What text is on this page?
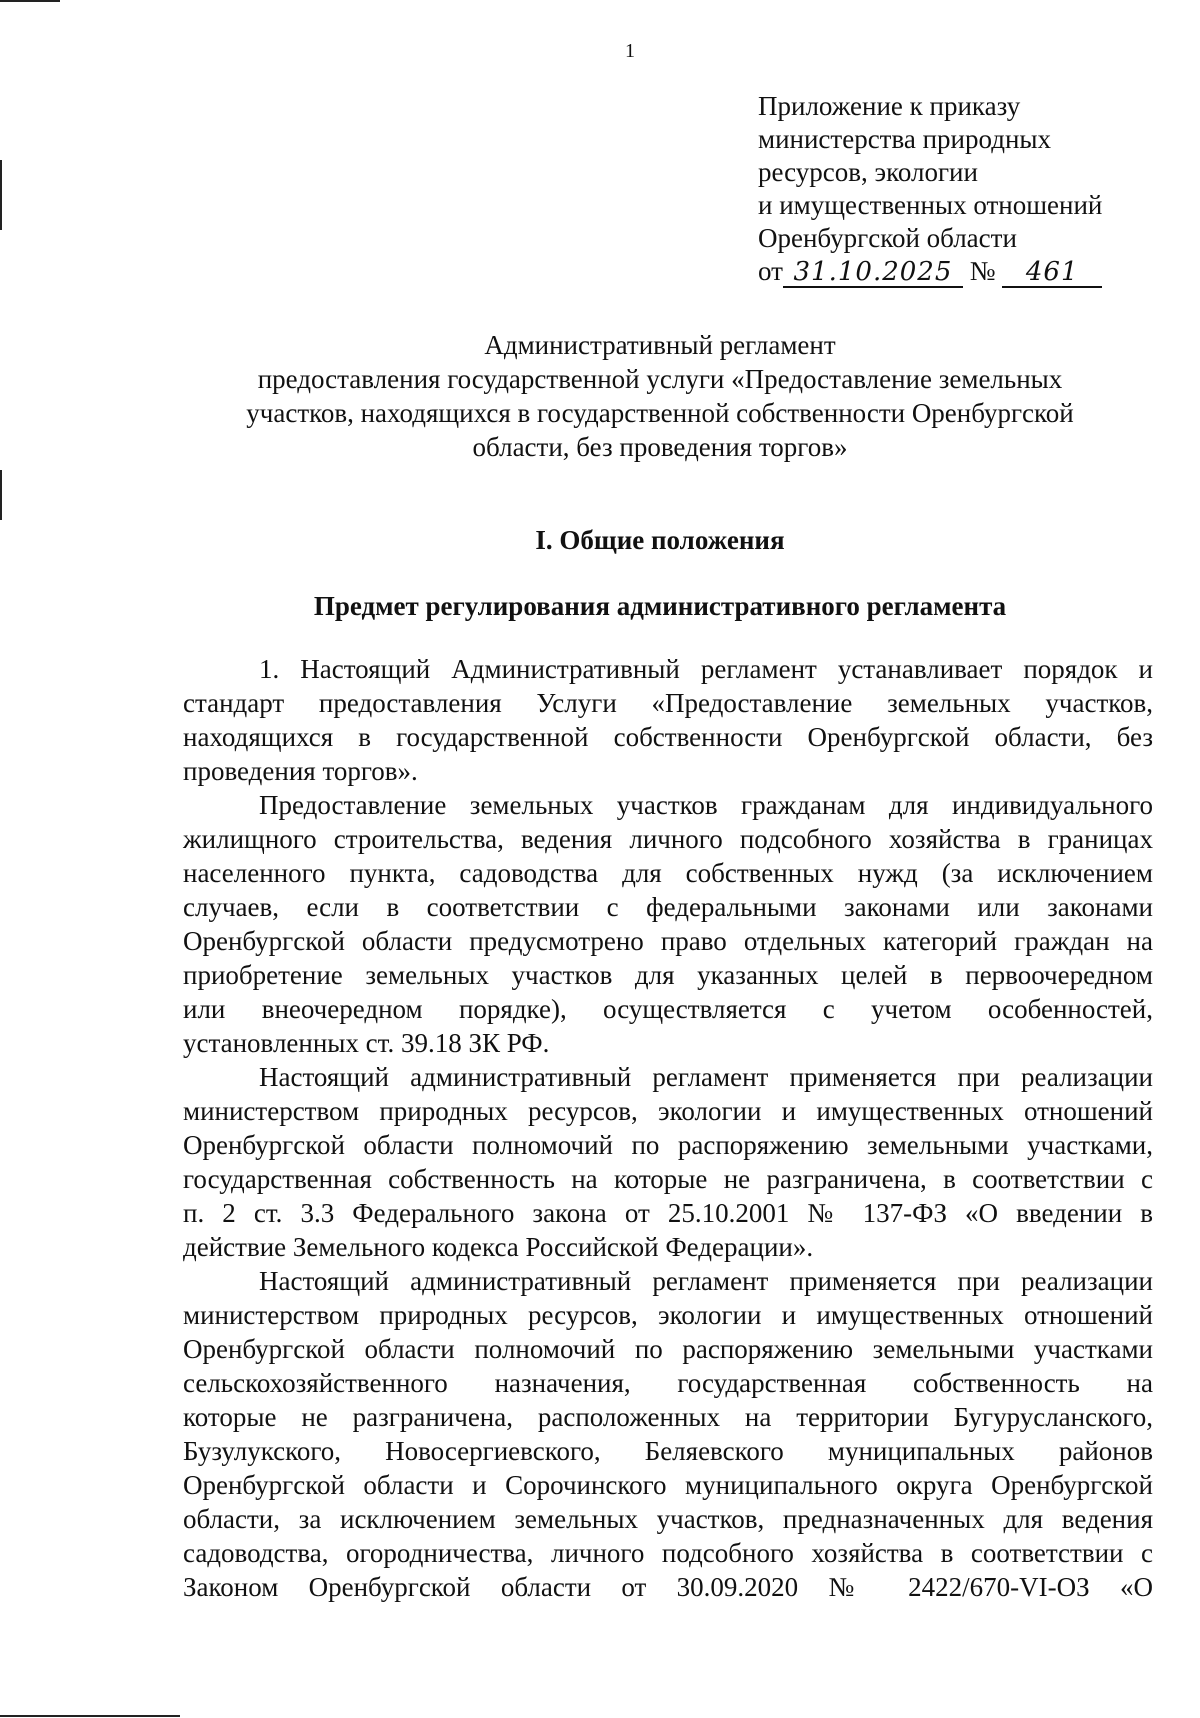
1
Приложение к приказу
министерства природных
ресурсов, экологии
и имущественных отношений
Оренбургской области
от 31.10.2025 № 461
Административный регламент
предоставления государственной услуги «Предоставление земельных
участков, находящихся в государственной собственности Оренбургской
области, без проведения торгов»
I. Общие положения
Предмет регулирования административного регламента
1. Настоящий Административный регламент устанавливает порядок и
стандарт предоставления Услуги «Предоставление земельных участков,
находящихся в государственной собственности Оренбургской области, без
проведения торгов».
Предоставление земельных участков гражданам для индивидуального
жилищного строительства, ведения личного подсобного хозяйства в границах
населенного пункта, садоводства для собственных нужд (за исключением
случаев, если в соответствии с федеральными законами или законами
Оренбургской области предусмотрено право отдельных категорий граждан на
приобретение земельных участков для указанных целей в первоочередном
или внеочередном порядке), осуществляется с учетом особенностей,
установленных ст. 39.18 ЗК РФ.
Настоящий административный регламент применяется при реализации
министерством природных ресурсов, экологии и имущественных отношений
Оренбургской области полномочий по распоряжению земельными участками,
государственная собственность на которые не разграничена, в соответствии с
п. 2 ст. 3.3 Федерального закона от 25.10.2001 № 137-ФЗ «О введении в
действие Земельного кодекса Российской Федерации».
Настоящий административный регламент применяется при реализации
министерством природных ресурсов, экологии и имущественных отношений
Оренбургской области полномочий по распоряжению земельными участками
сельскохозяйственного назначения, государственная собственность на
которые не разграничена, расположенных на территории Бугурусланского,
Бузулукского, Новосергиевского, Беляевского муниципальных районов
Оренбургской области и Сорочинского муниципального округа Оренбургской
области, за исключением земельных участков, предназначенных для ведения
садоводства, огородничества, личного подсобного хозяйства в соответствии с
Законом Оренбургской области от 30.09.2020 № 2422/670-VI-ОЗ «О
